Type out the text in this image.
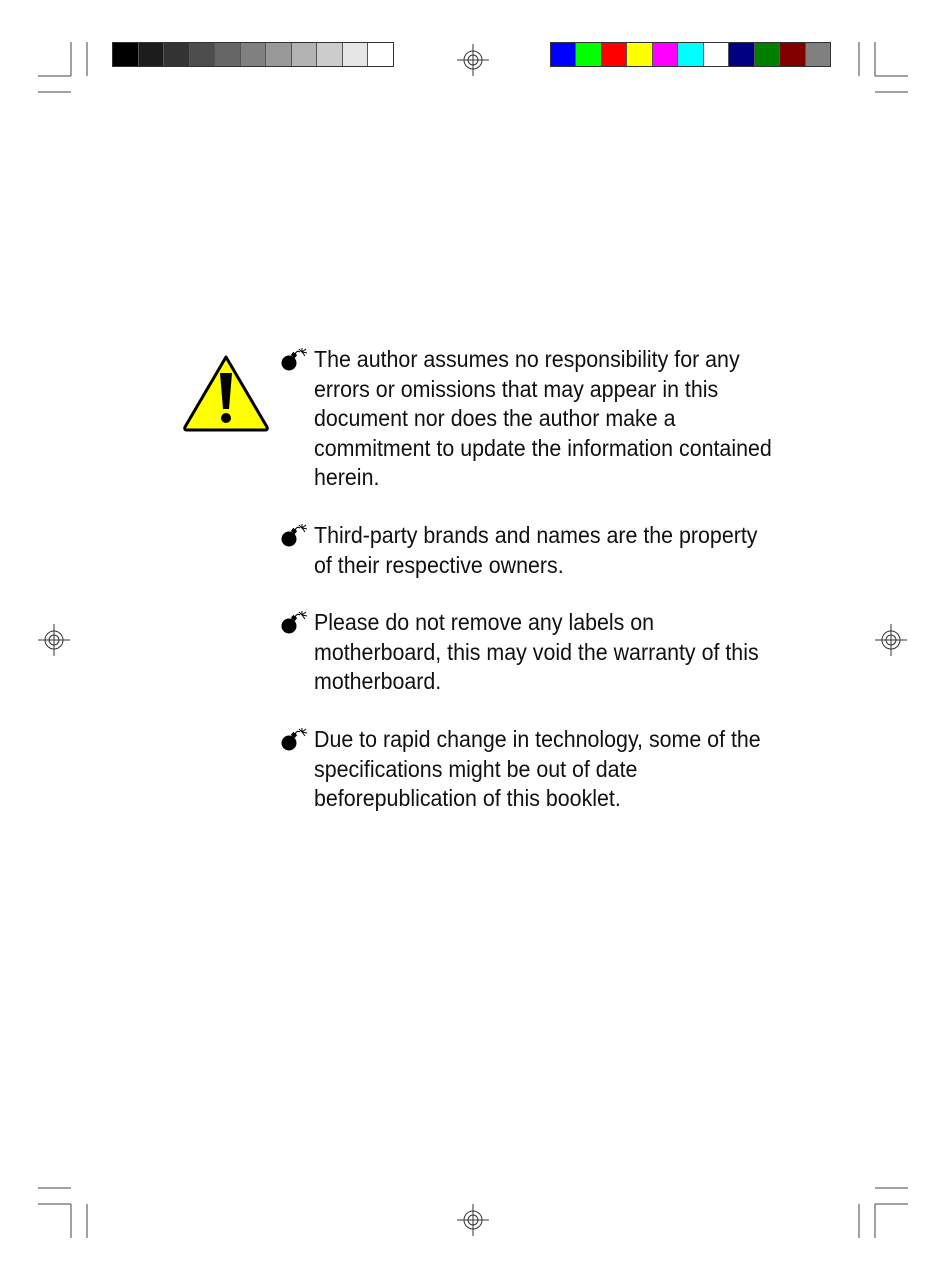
The author assumes no responsibility for any errors or omissions that may appear in this document nor does the author make a commitment to update the information contained herein.
Third-party brands and names are the property of their respective owners.
Please do not remove any labels on motherboard, this may void the warranty of this motherboard.
Due to rapid change in technology, some of the specifications might be out of date beforepublication of this booklet.
